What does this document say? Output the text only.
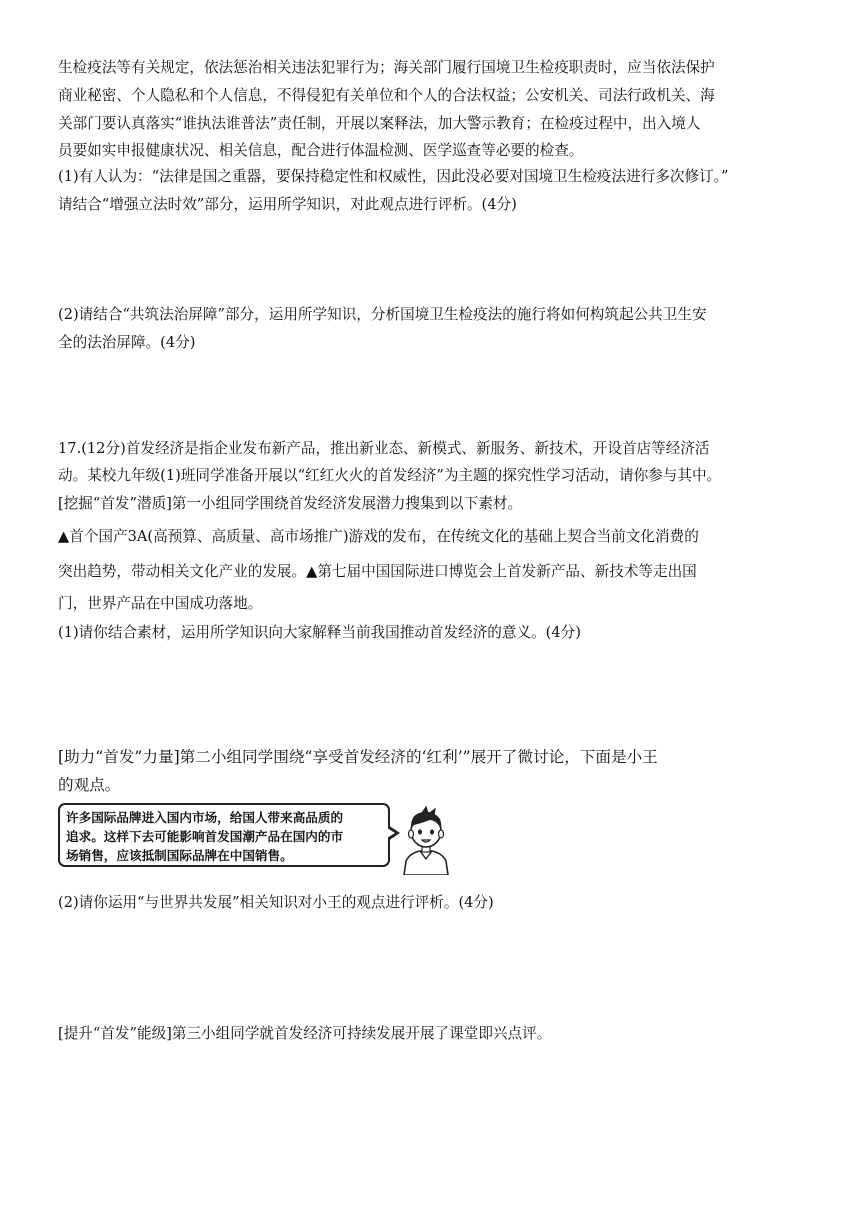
生检疫法等有关规定，依法惩治相关违法犯罪行为；海关部门履行国境卫生检疫职责时，应当依法保护
商业秘密、个人隐私和个人信息，不得侵犯有关单位和个人的合法权益；公安机关、司法行政机关、海
关部门要认真落实“谁执法谁普法”责任制，开展以案释法，加大警示教育；在检疫过程中，出入境人
员要如实申报健康状况、相关信息，配合进行体温检测、医学巡查等必要的检查。
(1)有人认为：“法律是国之重器，要保持稳定性和权威性，因此没必要对国境卫生检疫法进行多次修订。”
请结合“增强立法时效”部分，运用所学知识，对此观点进行评析。(4分)
(2)请结合“共筑法治屏障”部分，运用所学知识，分析国境卫生检疫法的施行将如何构筑起公共卫生安
全的法治屏障。(4分)
17.(12分)首发经济是指企业发布新产品，推出新业态、新模式、新服务、新技术，开设首店等经济活
动。某校九年级(1)班同学准备开展以“红红火火的首发经济”为主题的探究性学习活动，请你参与其中。
[挖掘“首发”潜质]第一小组同学围绕首发经济发展潜力搜集到以下素材。
▲首个国产3A(高预算、高质量、高市场推广)游戏的发布，在传统文化的基础上契合当前文化消费的
突出趋势，带动相关文化产业的发展。▲第七届中国国际进口博览会上首发新产品、新技术等走出国
门，世界产品在中国成功落地。
(1)请你结合素材，运用所学知识向大家解释当前我国推动首发经济的意义。(4分)
[助力“首发”力量]第二小组同学围绕“享受首发经济的‘红利’”展开了微讨论，下面是小王
的观点。
许多国际品牌进入国内市场，给国人带来高品质的
追求。这样下去可能影响首发国潮产品在国内的市
场销售，应该抵制国际品牌在中国销售。
(2)请你运用“与世界共发展”相关知识对小王的观点进行评析。(4分)
[提升“首发”能级]第三小组同学就首发经济可持续发展开展了课堂即兴点评。
